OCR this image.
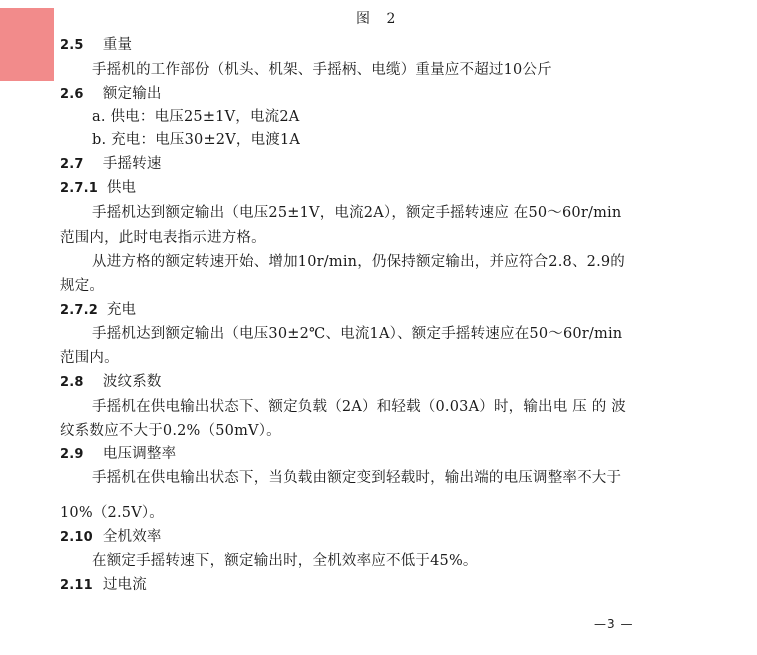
图 2
2.5 重量
手摇机的工作部份（机头、机架、手摇柄、电缆）重量应不超过10公斤
2.6 额定输出
a. 供电：电压25±1V，电流2A
b. 充电：电压30±2V，电渡1A
2.7 手摇转速
2.7.1 供电
手摇机达到额定输出（电压25±1V，电流2A），额定手摇转速应 在50～60r/min
范围内，此时电表指示进方格。
从进方格的额定转速开始、增加10r/min，仍保持额定输出，并应符合2.8、2.9的
规定。
2.7.2 充电
手摇机达到额定输出（电压30±2℃、电流1A）、额定手摇转速应在50～60r/min
范围内。
2.8 波纹系数
手摇机在供电输出状态下、额定负载（2A）和轻载（0.03A）时，输出电 压 的 波
纹系数应不大于0.2%（50mV）。
2.9 电压调整率
手摇机在供电输出状态下，当负载由额定变到轻载时，输出端的电压调整率不大于
10%（2.5V）。
2.10 全机效率
在额定手摇转速下，额定输出时，全机效率应不低于45%。
2.11 过电流
—3 —
